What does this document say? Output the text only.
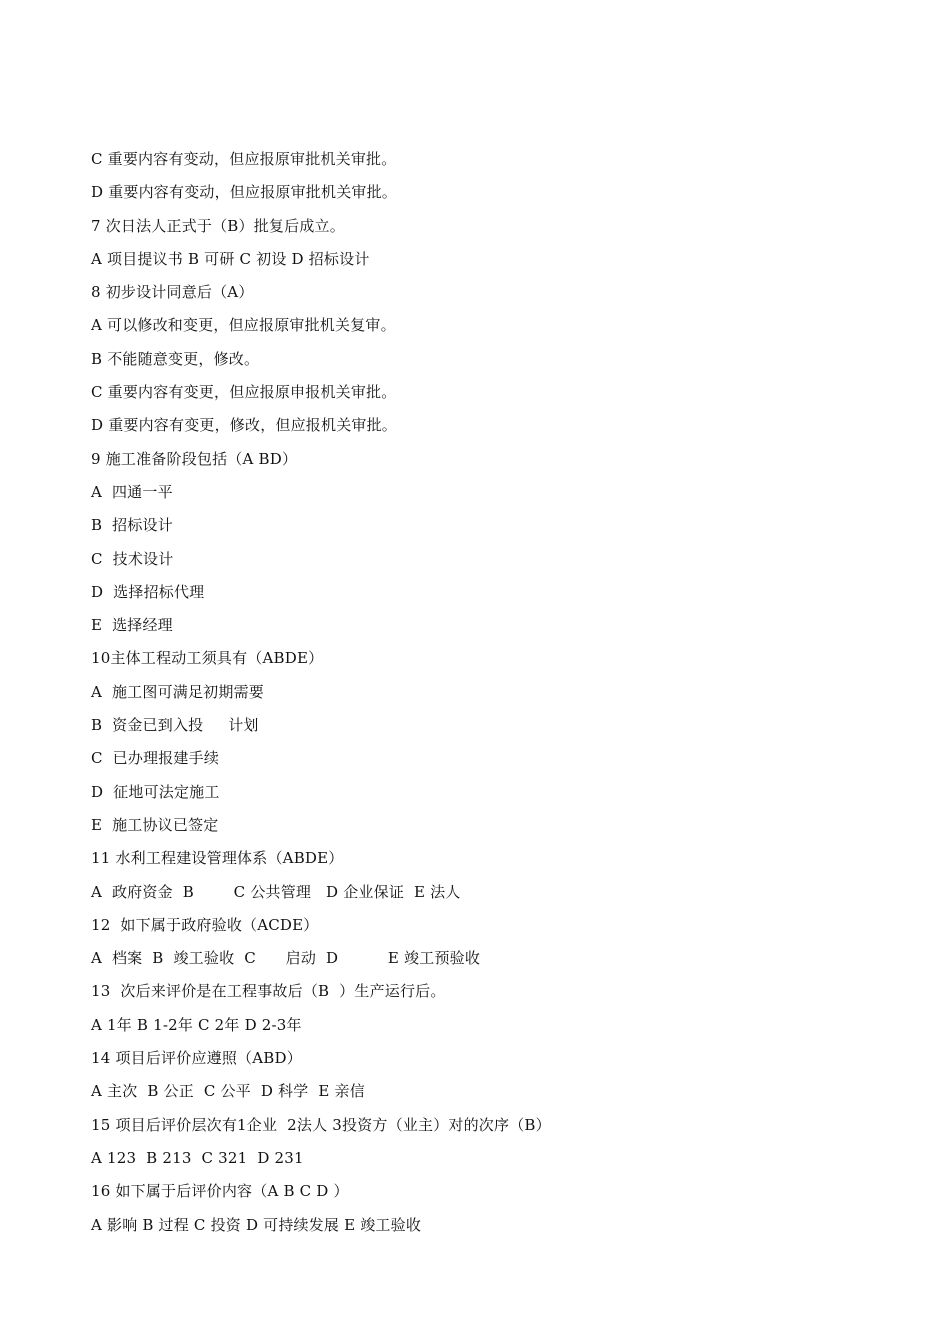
C 重要内容有变动，但应报原审批机关审批。
D 重要内容有变动，但应报原审批机关审批。
7 次日法人正式于（B）批复后成立。
A 项目提议书 B 可研 C 初设 D 招标设计
8 初步设计同意后（A）
A 可以修改和变更，但应报原审批机关复审。
B 不能随意变更，修改。
C 重要内容有变更，但应报原申报机关审批。
D 重要内容有变更，修改，但应报机关审批。
9 施工准备阶段包括（A BD）
A  四通一平
B  招标设计
C  技术设计
D  选择招标代理
E  选择经理
10主体工程动工须具有（ABDE）
A  施工图可满足初期需要
B  资金已到入投     计划
C  已办理报建手续
D  征地可法定施工
E  施工协议已签定
11 水利工程建设管理体系（ABDE）
A  政府资金  B        C 公共管理   D 企业保证  E 法人
12  如下属于政府验收（ACDE）
A  档案  B  竣工验收  C      启动  D          E 竣工预验收
13  次后来评价是在工程事故后（B  ）生产运行后。
A 1年 B 1-2年 C 2年 D 2-3年
14 项目后评价应遵照（ABD）
A 主次  B 公正  C 公平  D 科学  E 亲信
15 项目后评价层次有1企业  2法人 3投资方（业主）对的次序（B）
A 123  B 213  C 321  D 231
16 如下属于后评价内容（A B C D ）
A 影响 B 过程 C 投资 D 可持续发展 E 竣工验收
